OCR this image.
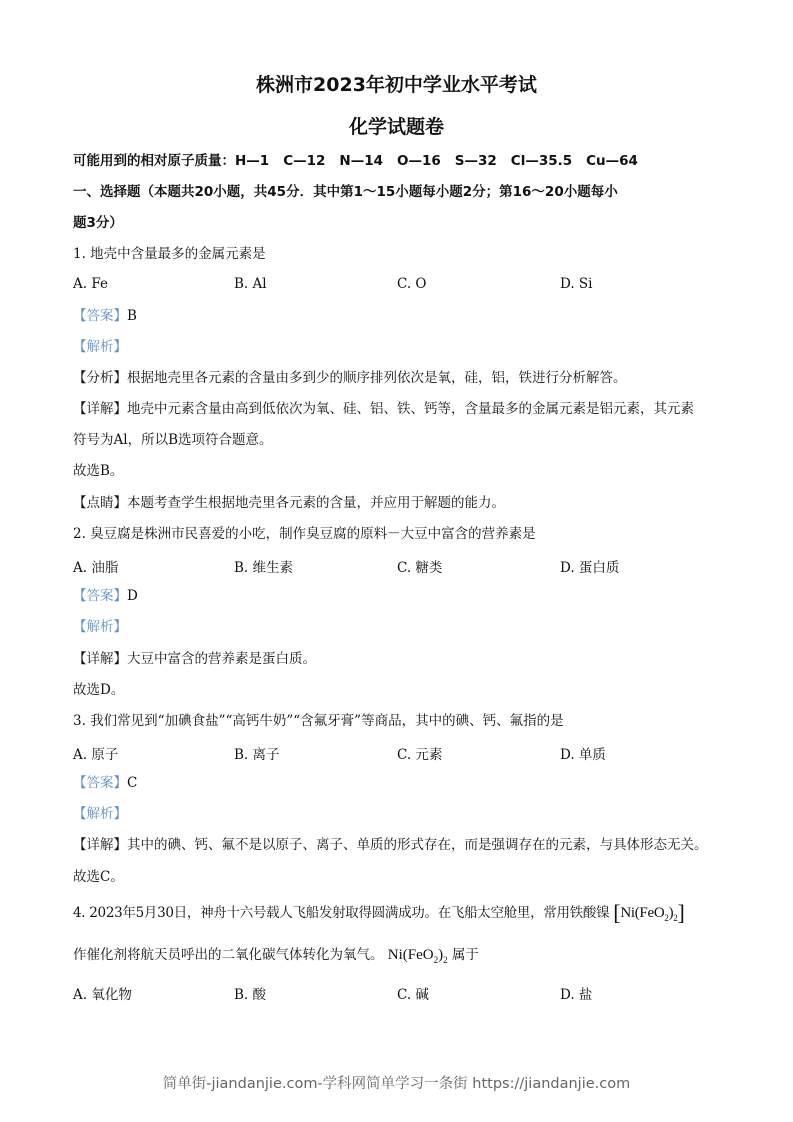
株洲市2023年初中学业水平考试
化学试题卷
可能用到的相对原子质量：H—1 C—12 N—14 O—16 S—32 Cl—35.5 Cu—64
一、选择题（本题共20小题，共45分．其中第1～15小题每小题2分；第16～20小题每小
题3分）
1. 地壳中含量最多的金属元素是
A. Fe	B. Al	C. O	D. Si
【答案】B
【解析】
【分析】根据地壳里各元素的含量由多到少的顺序排列依次是氧，硅，铝，铁进行分析解答。
【详解】地壳中元素含量由高到低依次为氧、硅、铝、铁、钙等，含量最多的金属元素是铝元素，其元素
符号为Al，所以B选项符合题意。
故选B。
【点睛】本题考查学生根据地壳里各元素的含量，并应用于解题的能力。
2. 臭豆腐是株洲市民喜爱的小吃，制作臭豆腐的原料－大豆中富含的营养素是
A. 油脂	B. 维生素	C. 糖类	D. 蛋白质
【答案】D
【解析】
【详解】大豆中富含的营养素是蛋白质。
故选D。
3. 我们常见到“加碘食盐”“高钙牛奶”“含氟牙膏”等商品，其中的碘、钙、氟指的是
A. 原子	B. 离子	C. 元素	D. 单质
【答案】C
【解析】
【详解】其中的碘、钙、氟不是以原子、离子、单质的形式存在，而是强调存在的元素，与具体形态无关。
故选C。
4. 2023年5月30日，神舟十六号载人飞船发射取得圆满成功。在飞船太空舱里，常用铁酸镍 $[Ni(FeO_2)_2]$
作催化剂将航天员呼出的二氧化碳气体转化为氧气。 $Ni(FeO_2)_2$ 属于
A. 氧化物	B. 酸	C. 碱	D. 盐
简单街-jiandanjie.com-学科网简单学习一条街 https://jiandanjie.com
